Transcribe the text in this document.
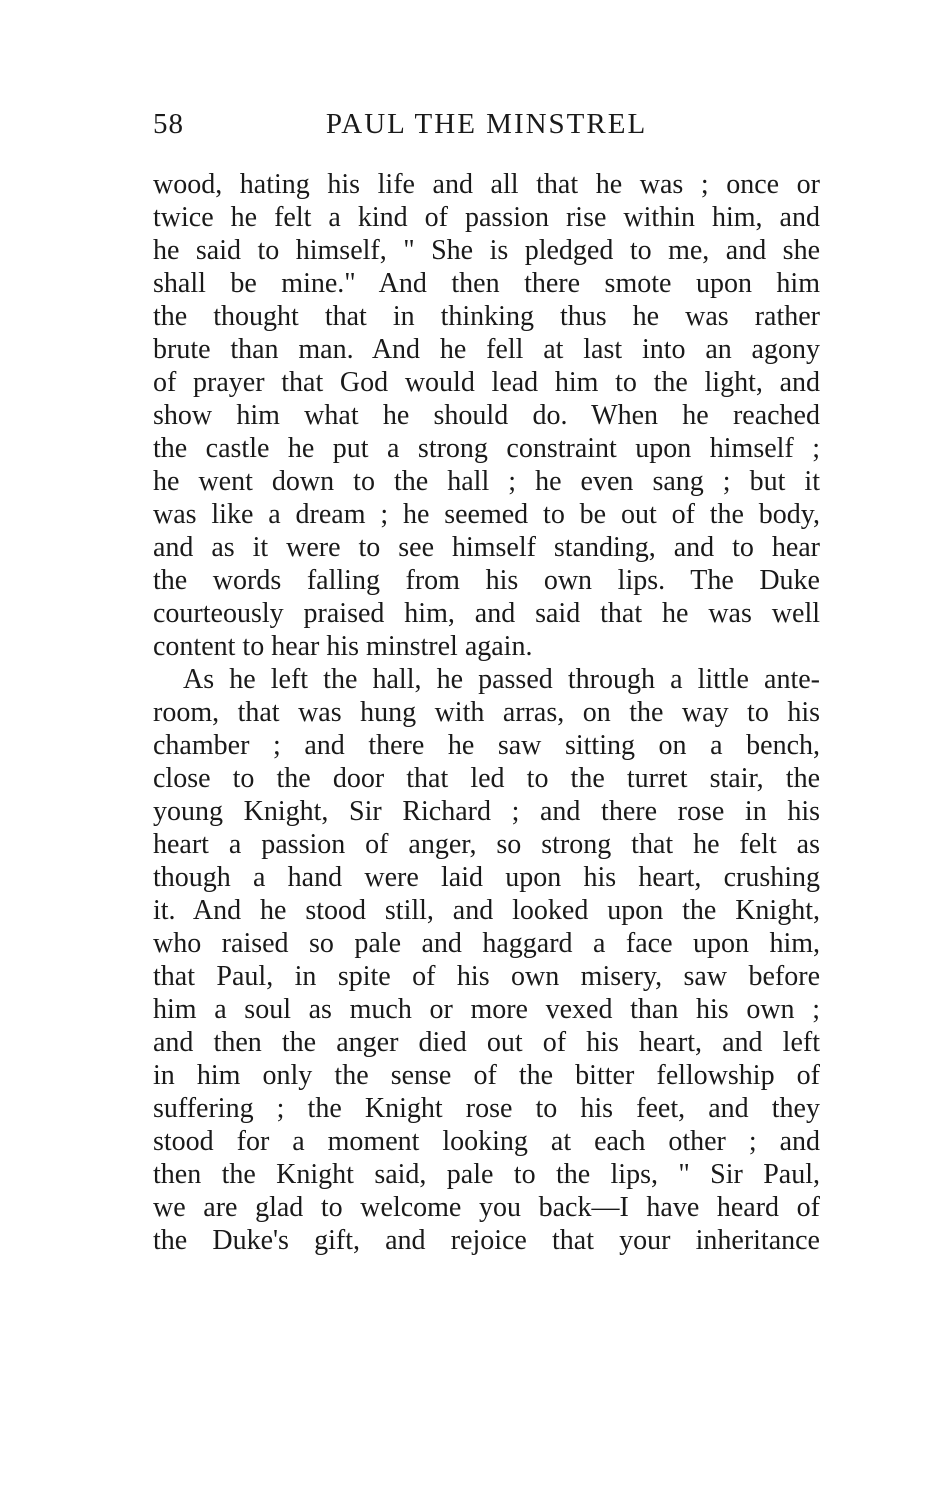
58	PAUL THE MINSTREL
wood, hating his life and all that he was ; once or
twice he felt a kind of passion rise within him, and
he said to himself, " She is pledged to me, and she
shall be mine." And then there smote upon him
the thought that in thinking thus he was rather
brute than man. And he fell at last into an agony
of prayer that God would lead him to the light, and
show him what he should do. When he reached
the castle he put a strong constraint upon himself ;
he went down to the hall ; he even sang ; but it
was like a dream ; he seemed to be out of the body,
and as it were to see himself standing, and to hear
the words falling from his own lips. The Duke
courteously praised him, and said that he was well
content to hear his minstrel again.
As he left the hall, he passed through a little ante-
room, that was hung with arras, on the way to his
chamber ; and there he saw sitting on a bench,
close to the door that led to the turret stair, the
young Knight, Sir Richard ; and there rose in his
heart a passion of anger, so strong that he felt as
though a hand were laid upon his heart, crushing
it. And he stood still, and looked upon the Knight,
who raised so pale and haggard a face upon him,
that Paul, in spite of his own misery, saw before
him a soul as much or more vexed than his own ;
and then the anger died out of his heart, and left
in him only the sense of the bitter fellowship of
suffering ; the Knight rose to his feet, and they
stood for a moment looking at each other ; and
then the Knight said, pale to the lips, " Sir Paul,
we are glad to welcome you back—I have heard of
the Duke's gift, and rejoice that your inheritance
